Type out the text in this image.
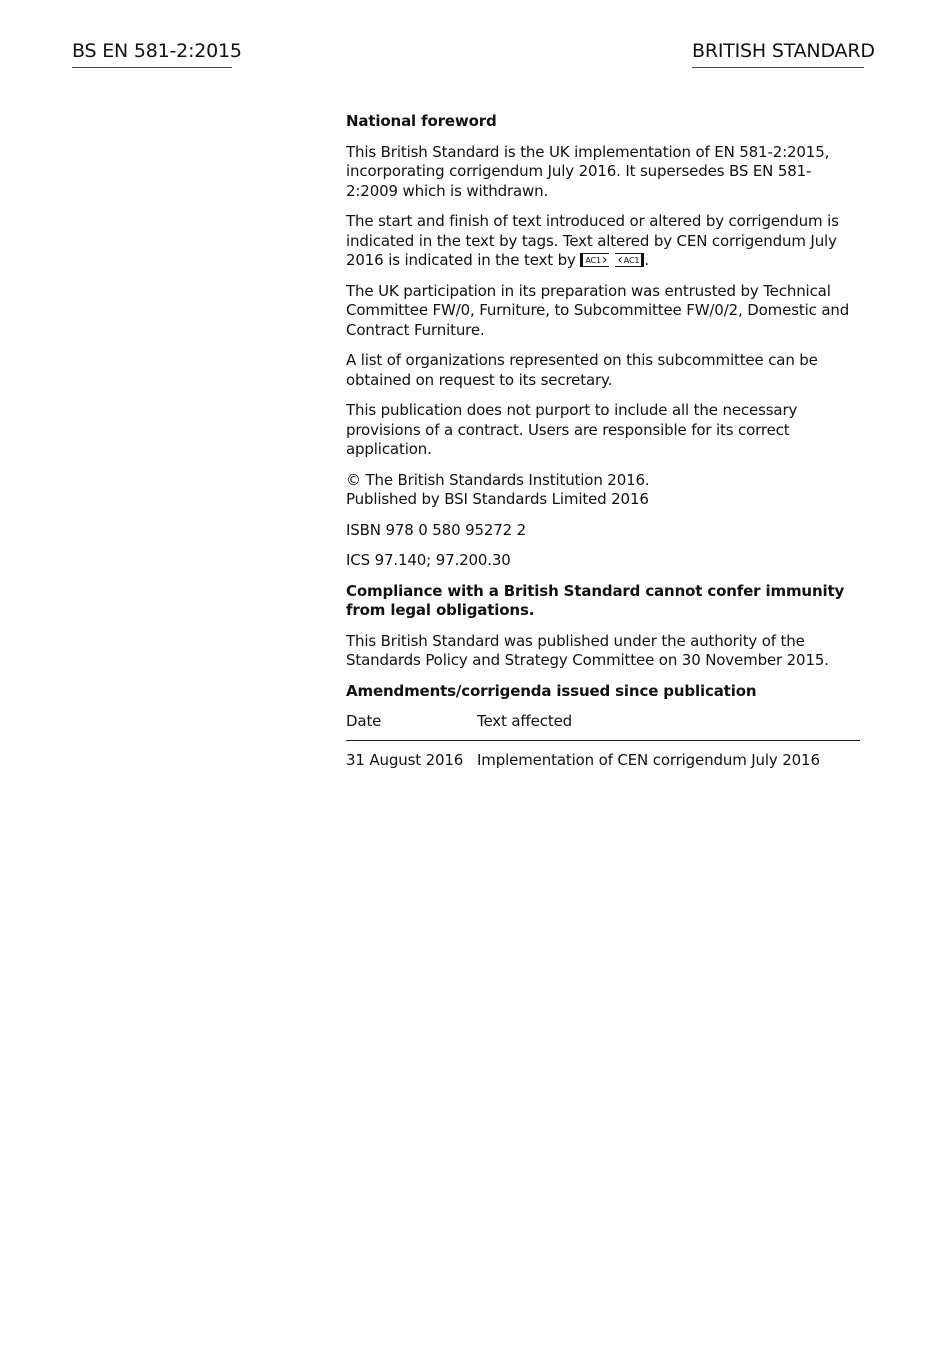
BS EN 581-2:2015	BRITISH STANDARD

National foreword

This British Standard is the UK implementation of EN 581-2:2015, incorporating corrigendum July 2016. It supersedes BS EN 581-2:2009 which is withdrawn.

The start and finish of text introduced or altered by corrigendum is indicated in the text by tags. Text altered by CEN corrigendum July 2016 is indicated in the text by AC1 ›	‹ AC1 .

The UK participation in its preparation was entrusted by Technical Committee FW/0, Furniture, to Subcommittee FW/0/2, Domestic and Contract Furniture.

A list of organizations represented on this subcommittee can be obtained on request to its secretary.

This publication does not purport to include all the necessary provisions of a contract. Users are responsible for its correct application.

© The British Standards Institution 2016.
Published by BSI Standards Limited 2016

ISBN 978 0 580 95272 2

ICS 97.140; 97.200.30

Compliance with a British Standard cannot confer immunity from legal obligations.

This British Standard was published under the authority of the Standards Policy and Strategy Committee on 30 November 2015.

Amendments/corrigenda issued since publication

Date	Text affected
31 August 2016	Implementation of CEN corrigendum July 2016
